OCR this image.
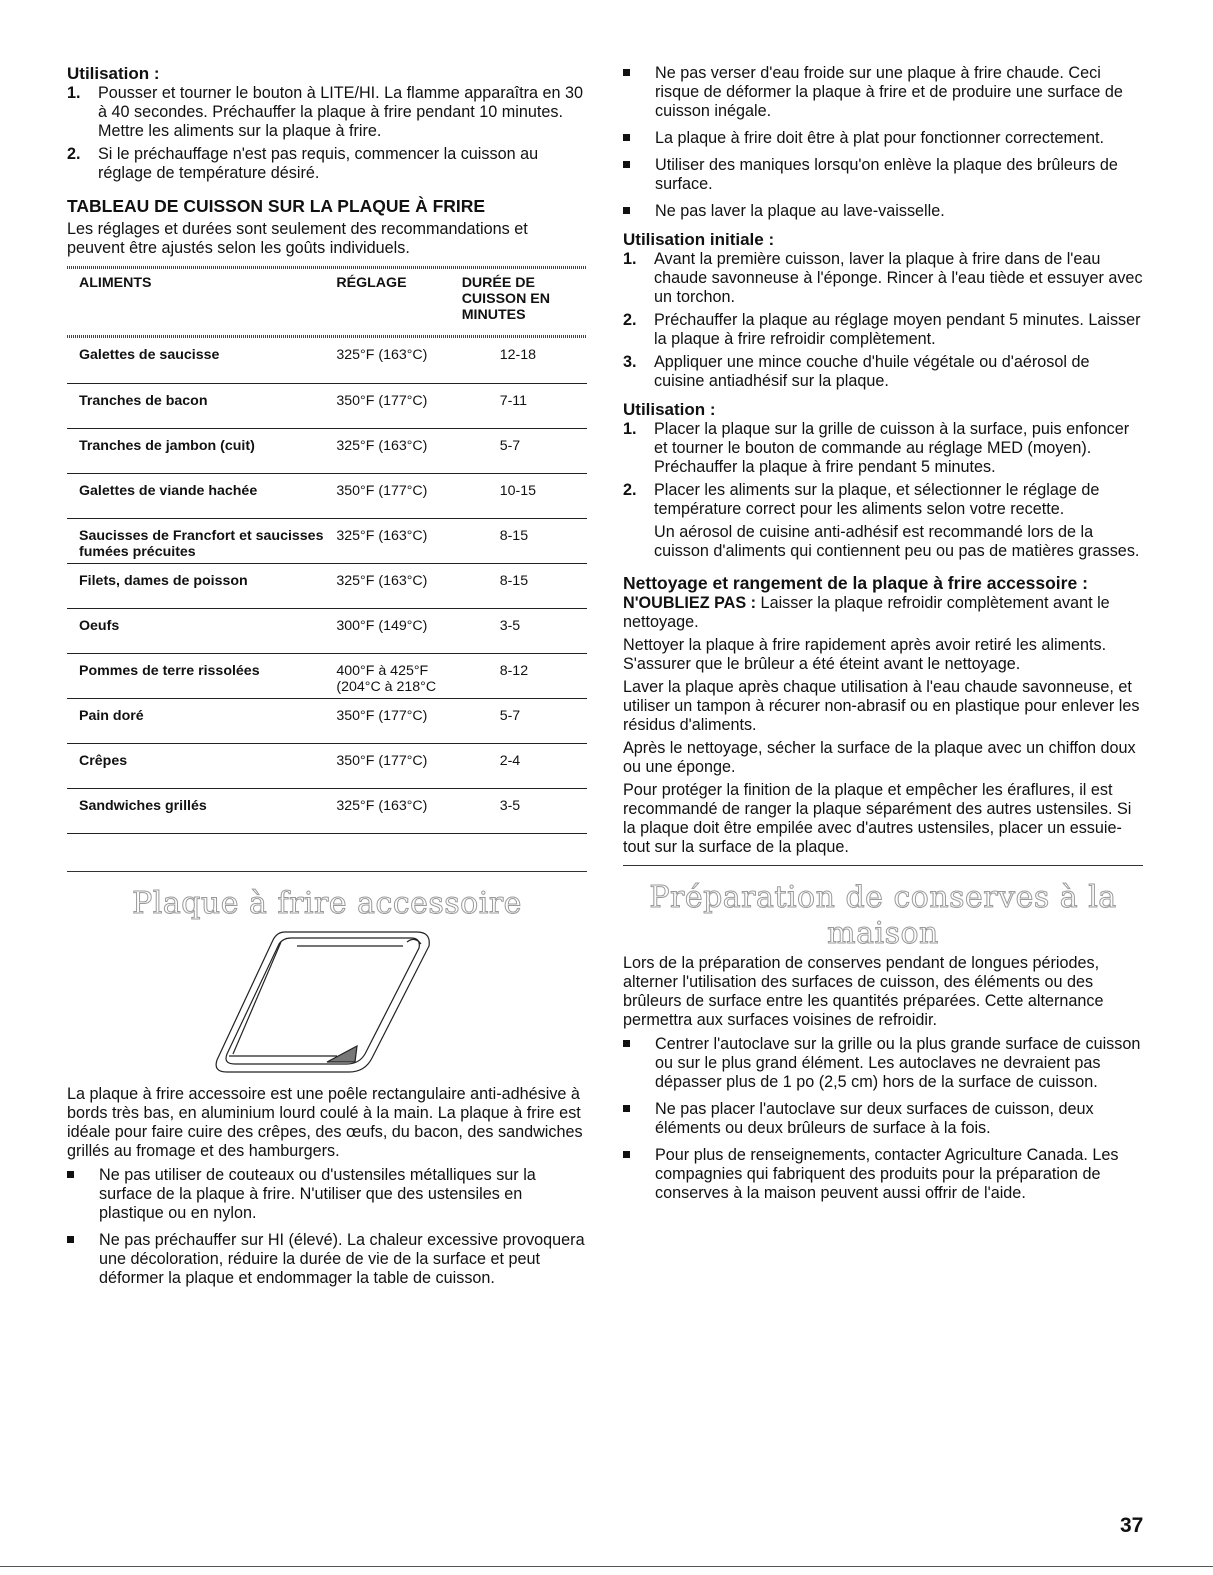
Utilisation :

1. Pousser et tourner le bouton à LITE/HI. La flamme apparaîtra en 30 à 40 secondes. Préchauffer la plaque à frire pendant 10 minutes. Mettre les aliments sur la plaque à frire.
2. Si le préchauffage n'est pas requis, commencer la cuisson au réglage de température désiré.

TABLEAU DE CUISSON SUR LA PLAQUE À FRIRE

Les réglages et durées sont seulement des recommandations et peuvent être ajustés selon les goûts individuels.

ALIMENTS	RÉGLAGE	DURÉE DE CUISSON EN MINUTES

Galettes de saucisse	325°F (163°C)	12-18
Tranches de bacon	350°F (177°C)	7-11
Tranches de jambon (cuit)	325°F (163°C)	5-7
Galettes de viande hachée	350°F (177°C)	10-15
Saucisses de Francfort et saucisses fumées précuites	325°F (163°C)	8-15
Filets, dames de poisson	325°F (163°C)	8-15
Oeufs	300°F (149°C)	3-5
Pommes de terre rissolées	400°F à 425°F (204°C à 218°C	8-12
Pain doré	350°F (177°C)	5-7
Crêpes	350°F (177°C)	2-4
Sandwiches grillés	325°F (163°C)	3-5

Plaque à frire accessoire

La plaque à frire accessoire est une poêle rectangulaire anti-adhésive à bords très bas, en aluminium lourd coulé à la main. La plaque à frire est idéale pour faire cuire des crêpes, des œufs, du bacon, des sandwiches grillés au fromage et des hamburgers.

Ne pas utiliser de couteaux ou d'ustensiles métalliques sur la surface de la plaque à frire. N'utiliser que des ustensiles en plastique ou en nylon.
Ne pas préchauffer sur HI (élevé). La chaleur excessive provoquera une décoloration, réduire la durée de vie de la surface et peut déformer la plaque et endommager la table de cuisson.
Ne pas verser d'eau froide sur une plaque à frire chaude. Ceci risque de déformer la plaque à frire et de produire une surface de cuisson inégale.
La plaque à frire doit être à plat pour fonctionner correctement.
Utiliser des maniques lorsqu'on enlève la plaque des brûleurs de surface.
Ne pas laver la plaque au lave-vaisselle.

Utilisation initiale :

1. Avant la première cuisson, laver la plaque à frire dans de l'eau chaude savonneuse à l'éponge. Rincer à l'eau tiède et essuyer avec un torchon.
2. Préchauffer la plaque au réglage moyen pendant 5 minutes. Laisser la plaque à frire refroidir complètement.
3. Appliquer une mince couche d'huile végétale ou d'aérosol de cuisine antiadhésif sur la plaque.

Utilisation :

1. Placer la plaque sur la grille de cuisson à la surface, puis enfoncer et tourner le bouton de commande au réglage MED (moyen). Préchauffer la plaque à frire pendant 5 minutes.
2. Placer les aliments sur la plaque, et sélectionner le réglage de température correct pour les aliments selon votre recette.

Un aérosol de cuisine anti-adhésif est recommandé lors de la cuisson d'aliments qui contiennent peu ou pas de matières grasses.

Nettoyage et rangement de la plaque à frire accessoire :

N'OUBLIEZ PAS : Laisser la plaque refroidir complètement avant le nettoyage.

Nettoyer la plaque à frire rapidement après avoir retiré les aliments. S'assurer que le brûleur a été éteint avant le nettoyage.

Laver la plaque après chaque utilisation à l'eau chaude savonneuse, et utiliser un tampon à récurer non-abrasif ou en plastique pour enlever les résidus d'aliments.

Après le nettoyage, sécher la surface de la plaque avec un chiffon doux ou une éponge.

Pour protéger la finition de la plaque et empêcher les éraflures, il est recommandé de ranger la plaque séparément des autres ustensiles. Si la plaque doit être empilée avec d'autres ustensiles, placer un essuie-tout sur la surface de la plaque.

Préparation de conserves à la maison

Lors de la préparation de conserves pendant de longues périodes, alterner l'utilisation des surfaces de cuisson, des éléments ou des brûleurs de surface entre les quantités préparées. Cette alternance permettra aux surfaces voisines de refroidir.

Centrer l'autoclave sur la grille ou la plus grande surface de cuisson ou sur le plus grand élément. Les autoclaves ne devraient pas dépasser plus de 1 po (2,5 cm) hors de la surface de cuisson.
Ne pas placer l'autoclave sur deux surfaces de cuisson, deux éléments ou deux brûleurs de surface à la fois.
Pour plus de renseignements, contacter Agriculture Canada. Les compagnies qui fabriquent des produits pour la préparation de conserves à la maison peuvent aussi offrir de l'aide.
37
